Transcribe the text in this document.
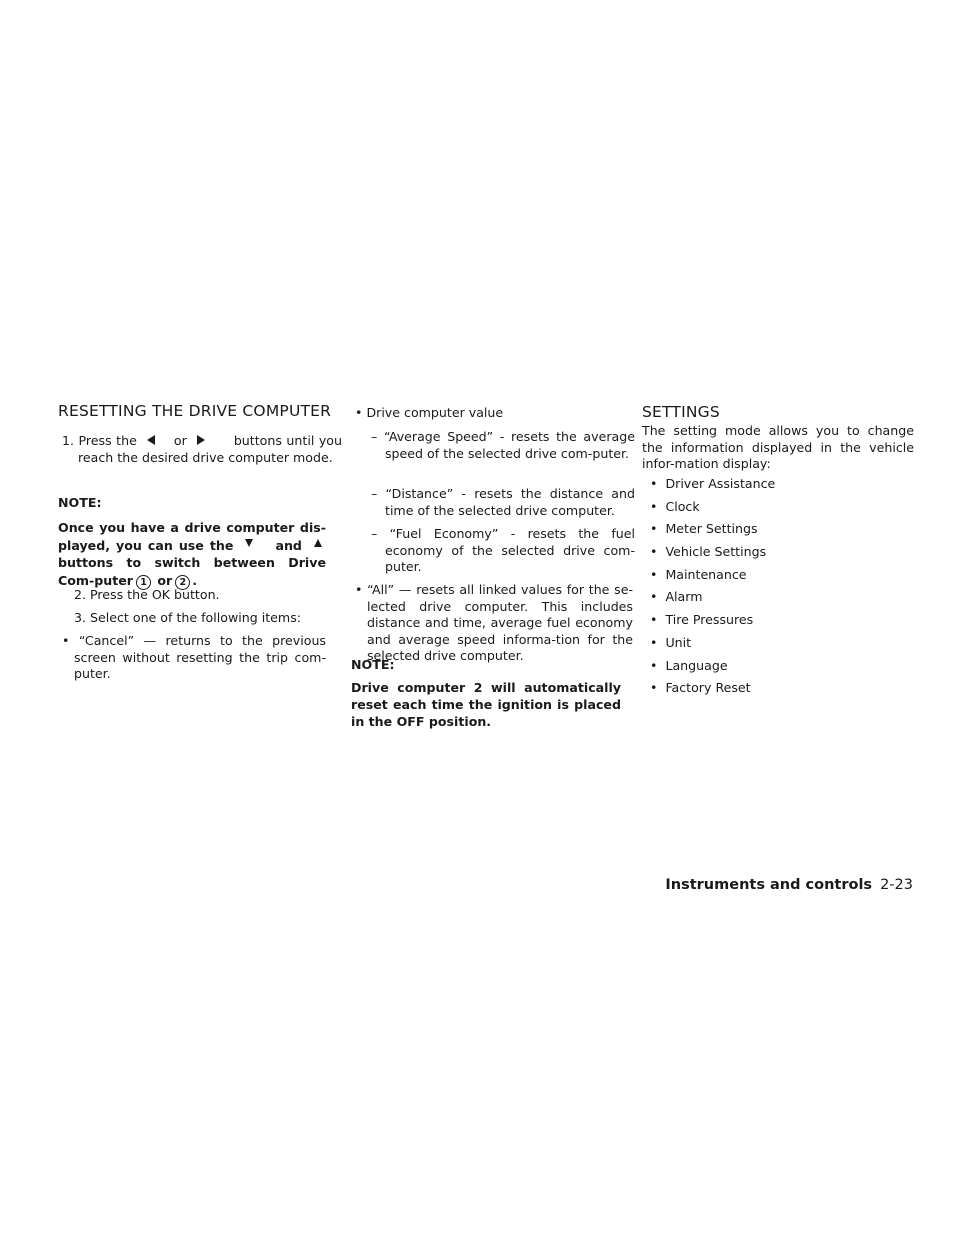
RESETTING THE DRIVE COMPUTER
1. Press the	or	buttons until you reach the desired drive computer mode.
NOTE:
Once you have a drive computer dis-played, you can use the	and  buttons to switch between Drive Com-puter 1 or 2 .
2. Press the OK button.
3. Select one of the following items:
• “Cancel” — returns to the previous screen without resetting the trip com-puter.
• Drive computer value
– “Average Speed” - resets the average speed of the selected drive com-puter.
– “Distance” - resets the distance and time of the selected drive computer.
– “Fuel Economy” - resets the fuel economy of the selected drive com-puter.
• “All” — resets all linked values for the se-lected drive computer. This includes distance and time, average fuel economy and average speed informa-tion for the selected drive computer.
NOTE:
Drive computer 2 will automatically reset each time the ignition is placed in the OFF position.
SETTINGS
The setting mode allows you to change the information displayed in the vehicle infor-mation display:
•  Driver Assistance
•  Clock
•  Meter Settings
•  Vehicle Settings
•  Maintenance
•  Alarm
•  Tire Pressures
•  Unit
•  Language
•  Factory Reset
Instruments and controls 2-23
